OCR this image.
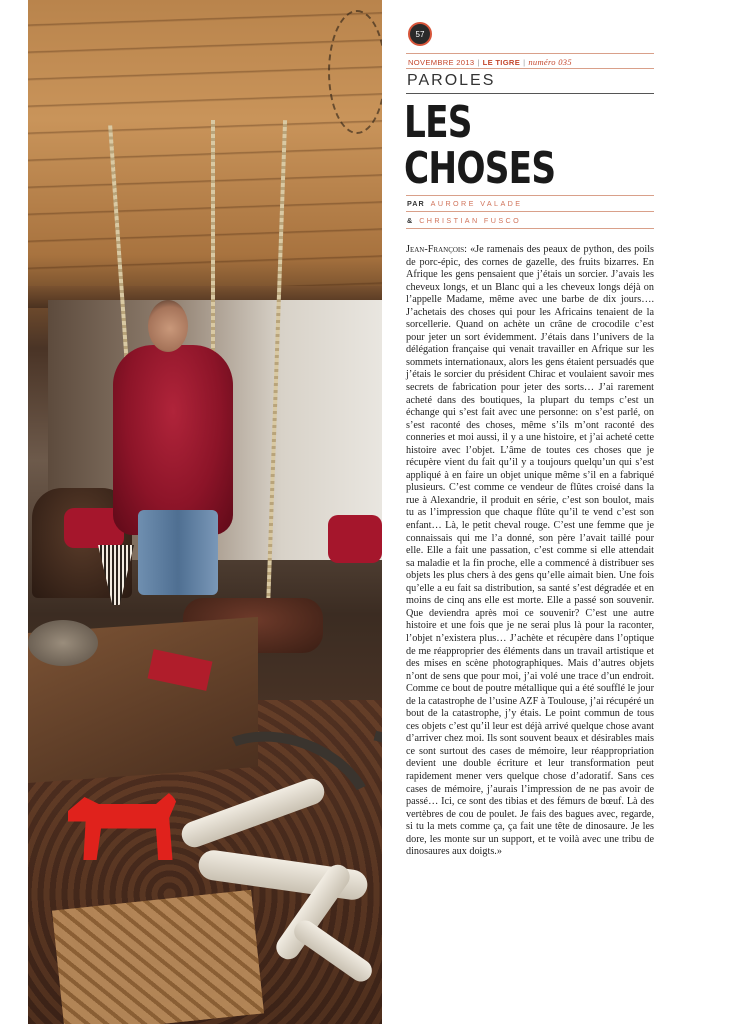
57
NOVEMBRE 2013 | LE TIGRE | numéro 035
PAROLES
LES
CHOSES
PAR AURORE VALADE
& CHRISTIAN FUSCO
Jean-François: «Je ramenais des peaux de python, des poils de porc-épic, des cornes de gazelle, des fruits bizarres. En Afrique les gens pensaient que j’étais un sorcier. J’avais les cheveux longs, et un Blanc qui a les cheveux longs déjà on l’appelle Madame, même avec une barbe de dix jours…. J’achetais des choses qui pour les Africains tenaient de la sorcellerie. Quand on achète un crâne de crocodile c’est pour jeter un sort évidemment. J’étais dans l’univers de la délégation française qui venait travailler en Afrique sur les sommets internationaux, alors les gens étaient persuadés que j’étais le sorcier du président Chirac et voulaient savoir mes secrets de fabrication pour jeter des sorts… J’ai rarement acheté dans des boutiques, la plupart du temps c’est un échange qui s’est fait avec une personne: on s’est parlé, on s’est raconté des choses, même s’ils m’ont raconté des conneries et moi aussi, il y a une histoire, et j’ai acheté cette histoire avec l’objet. L’âme de toutes ces choses que je récupère vient du fait qu’il y a toujours quelqu’un qui s’est appliqué à en faire un objet unique même s’il en a fabriqué plusieurs. C’est comme ce vendeur de flûtes croisé dans la rue à Alexandrie, il produit en série, c’est son boulot, mais tu as l’impression que chaque flûte qu’il te vend c’est son enfant… Là, le petit cheval rouge. C’est une femme que je connaissais qui me l’a donné, son père l’avait taillé pour elle. Elle a fait une passation, c’est comme si elle attendait sa maladie et la fin proche, elle a commencé à distribuer ses objets les plus chers à des gens qu’elle aimait bien. Une fois qu’elle a eu fait sa distribution, sa santé s’est dégradée et en moins de cinq ans elle est morte. Elle a passé son souvenir. Que deviendra après moi ce souvenir? C’est une autre histoire et une fois que je ne serai plus là pour la raconter, l’objet n’existera plus… J’achète et récupère dans l’optique de me réapproprier des éléments dans un travail artistique et des mises en scène photographiques. Mais d’autres objets n’ont de sens que pour moi, j’ai volé une trace d’un endroit. Comme ce bout de poutre métallique qui a été soufflé le jour de la catastrophe de l’usine AZF à Toulouse, j’ai récupéré un bout de la catastrophe, j’y étais. Le point commun de tous ces objets c’est qu’il leur est déjà arrivé quelque chose avant d’arriver chez moi. Ils sont souvent beaux et désirables mais ce sont surtout des cases de mémoire, leur réappropriation devient une double écriture et leur transformation peut rapidement mener vers quelque chose d’adoratif. Sans ces cases de mémoire, j’aurais l’impression de ne pas avoir de passé… Ici, ce sont des tibias et des fémurs de bœuf. Là des vertèbres de cou de poulet. Je fais des bagues avec, regarde, si tu la mets comme ça, ça fait une tête de dinosaure. Je les dore, les monte sur un support, et te voilà avec une tribu de dinosaures aux doigts.»
